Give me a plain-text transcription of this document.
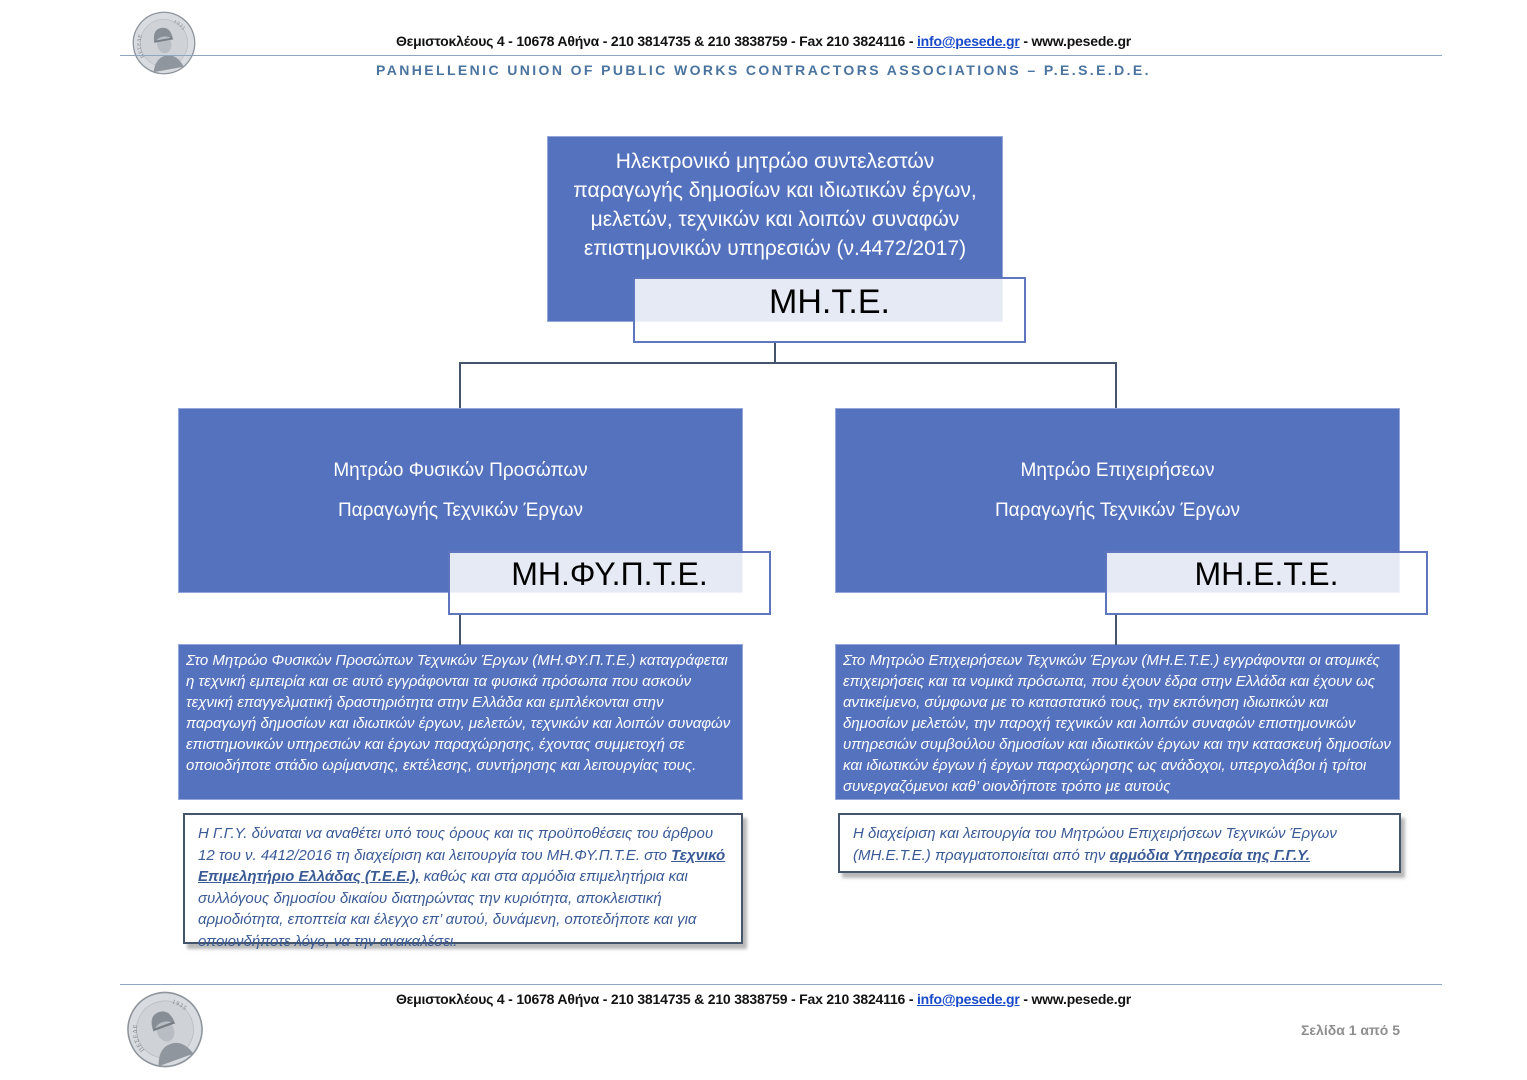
ΠΕΣΕΔΕ
1935
Θεμιστοκλέους 4 - 10678 Αθήνα - 210 3814735 & 210 3838759 - Fax 210 3824116 - info@pesede.gr - www.pesede.gr
PANHELLENIC UNION OF PUBLIC WORKS CONTRACTORS ASSOCIATIONS – P.E.S.E.D.E.
Ηλεκτρονικό μητρώο συντελεστών παραγωγής δημοσίων και ιδιωτικών έργων, μελετών, τεχνικών και λοιπών συναφών επιστημονικών υπηρεσιών (ν.4472/2017)
ΜΗ.Τ.Ε.
Μητρώο Φυσικών Προσώπων
Παραγωγής Τεχνικών Έργων
ΜΗ.ΦΥ.Π.Τ.Ε.
Στο Μητρώο Φυσικών Προσώπων Τεχνικών Έργων (ΜΗ.ΦΥ.Π.Τ.Ε.) καταγράφεται η τεχνική εμπειρία και σε αυτό εγγράφονται τα φυσικά πρόσωπα που ασκούν τεχνική επαγγελματική δραστηριότητα στην Ελλάδα και εμπλέκονται στην παραγωγή δημοσίων και ιδιωτικών έργων, μελετών, τεχνικών και λοιπών συναφών επιστημονικών υπηρεσιών και έργων παραχώρησης, έχοντας συμμετοχή σε οποιοδήποτε στάδιο ωρίμανσης, εκτέλεσης, συντήρησης και λειτουργίας τους.
Η Γ.Γ.Υ. δύναται να αναθέτει υπό τους όρους και τις προϋποθέσεις του άρθρου 12 του ν. 4412/2016 τη διαχείριση και λειτουργία του ΜΗ.ΦΥ.Π.Τ.Ε. στο Τεχνικό Επιμελητήριο Ελλάδας (Τ.Ε.Ε.), καθώς και στα αρμόδια επιμελητήρια και συλλόγους δημοσίου δικαίου διατηρώντας την κυριότητα, αποκλειστική αρμοδιότητα, εποπτεία και έλεγχο επ’ αυτού, δυνάμενη, οποτεδήποτε και για οποιονδήποτε λόγο, να την ανακαλέσει.
Μητρώο Επιχειρήσεων
Παραγωγής Τεχνικών Έργων
ΜΗ.Ε.Τ.Ε.
Στο Μητρώο Επιχειρήσεων Τεχνικών Έργων (ΜΗ.Ε.Τ.Ε.) εγγράφονται οι ατομικές επιχειρήσεις και τα νομικά πρόσωπα, που έχουν έδρα στην Ελλάδα και έχουν ως αντικείμενο, σύμφωνα με το καταστατικό τους, την εκπόνηση ιδιωτικών και δημοσίων μελετών, την παροχή τεχνικών και λοιπών συναφών επιστημονικών υπηρεσιών συμβούλου δημοσίων και ιδιωτικών έργων και την κατασκευή δημοσίων και ιδιωτικών έργων ή έργων παραχώρησης ως ανάδοχοι, υπεργολάβοι ή τρίτοι συνεργαζόμενοι καθ’ οιονδήποτε τρόπο με αυτούς
Η διαχείριση και λειτουργία του Μητρώου Επιχειρήσεων Τεχνικών Έργων (ΜΗ.Ε.Τ.Ε.) πραγματοποιείται από την αρμόδια Υπηρεσία της Γ.Γ.Υ.
Θεμιστοκλέους 4 - 10678 Αθήνα - 210 3814735 & 210 3838759 - Fax 210 3824116 - info@pesede.gr - www.pesede.gr
ΠΕΣΕΔΕ
1935
Σελίδα 1 από 5
